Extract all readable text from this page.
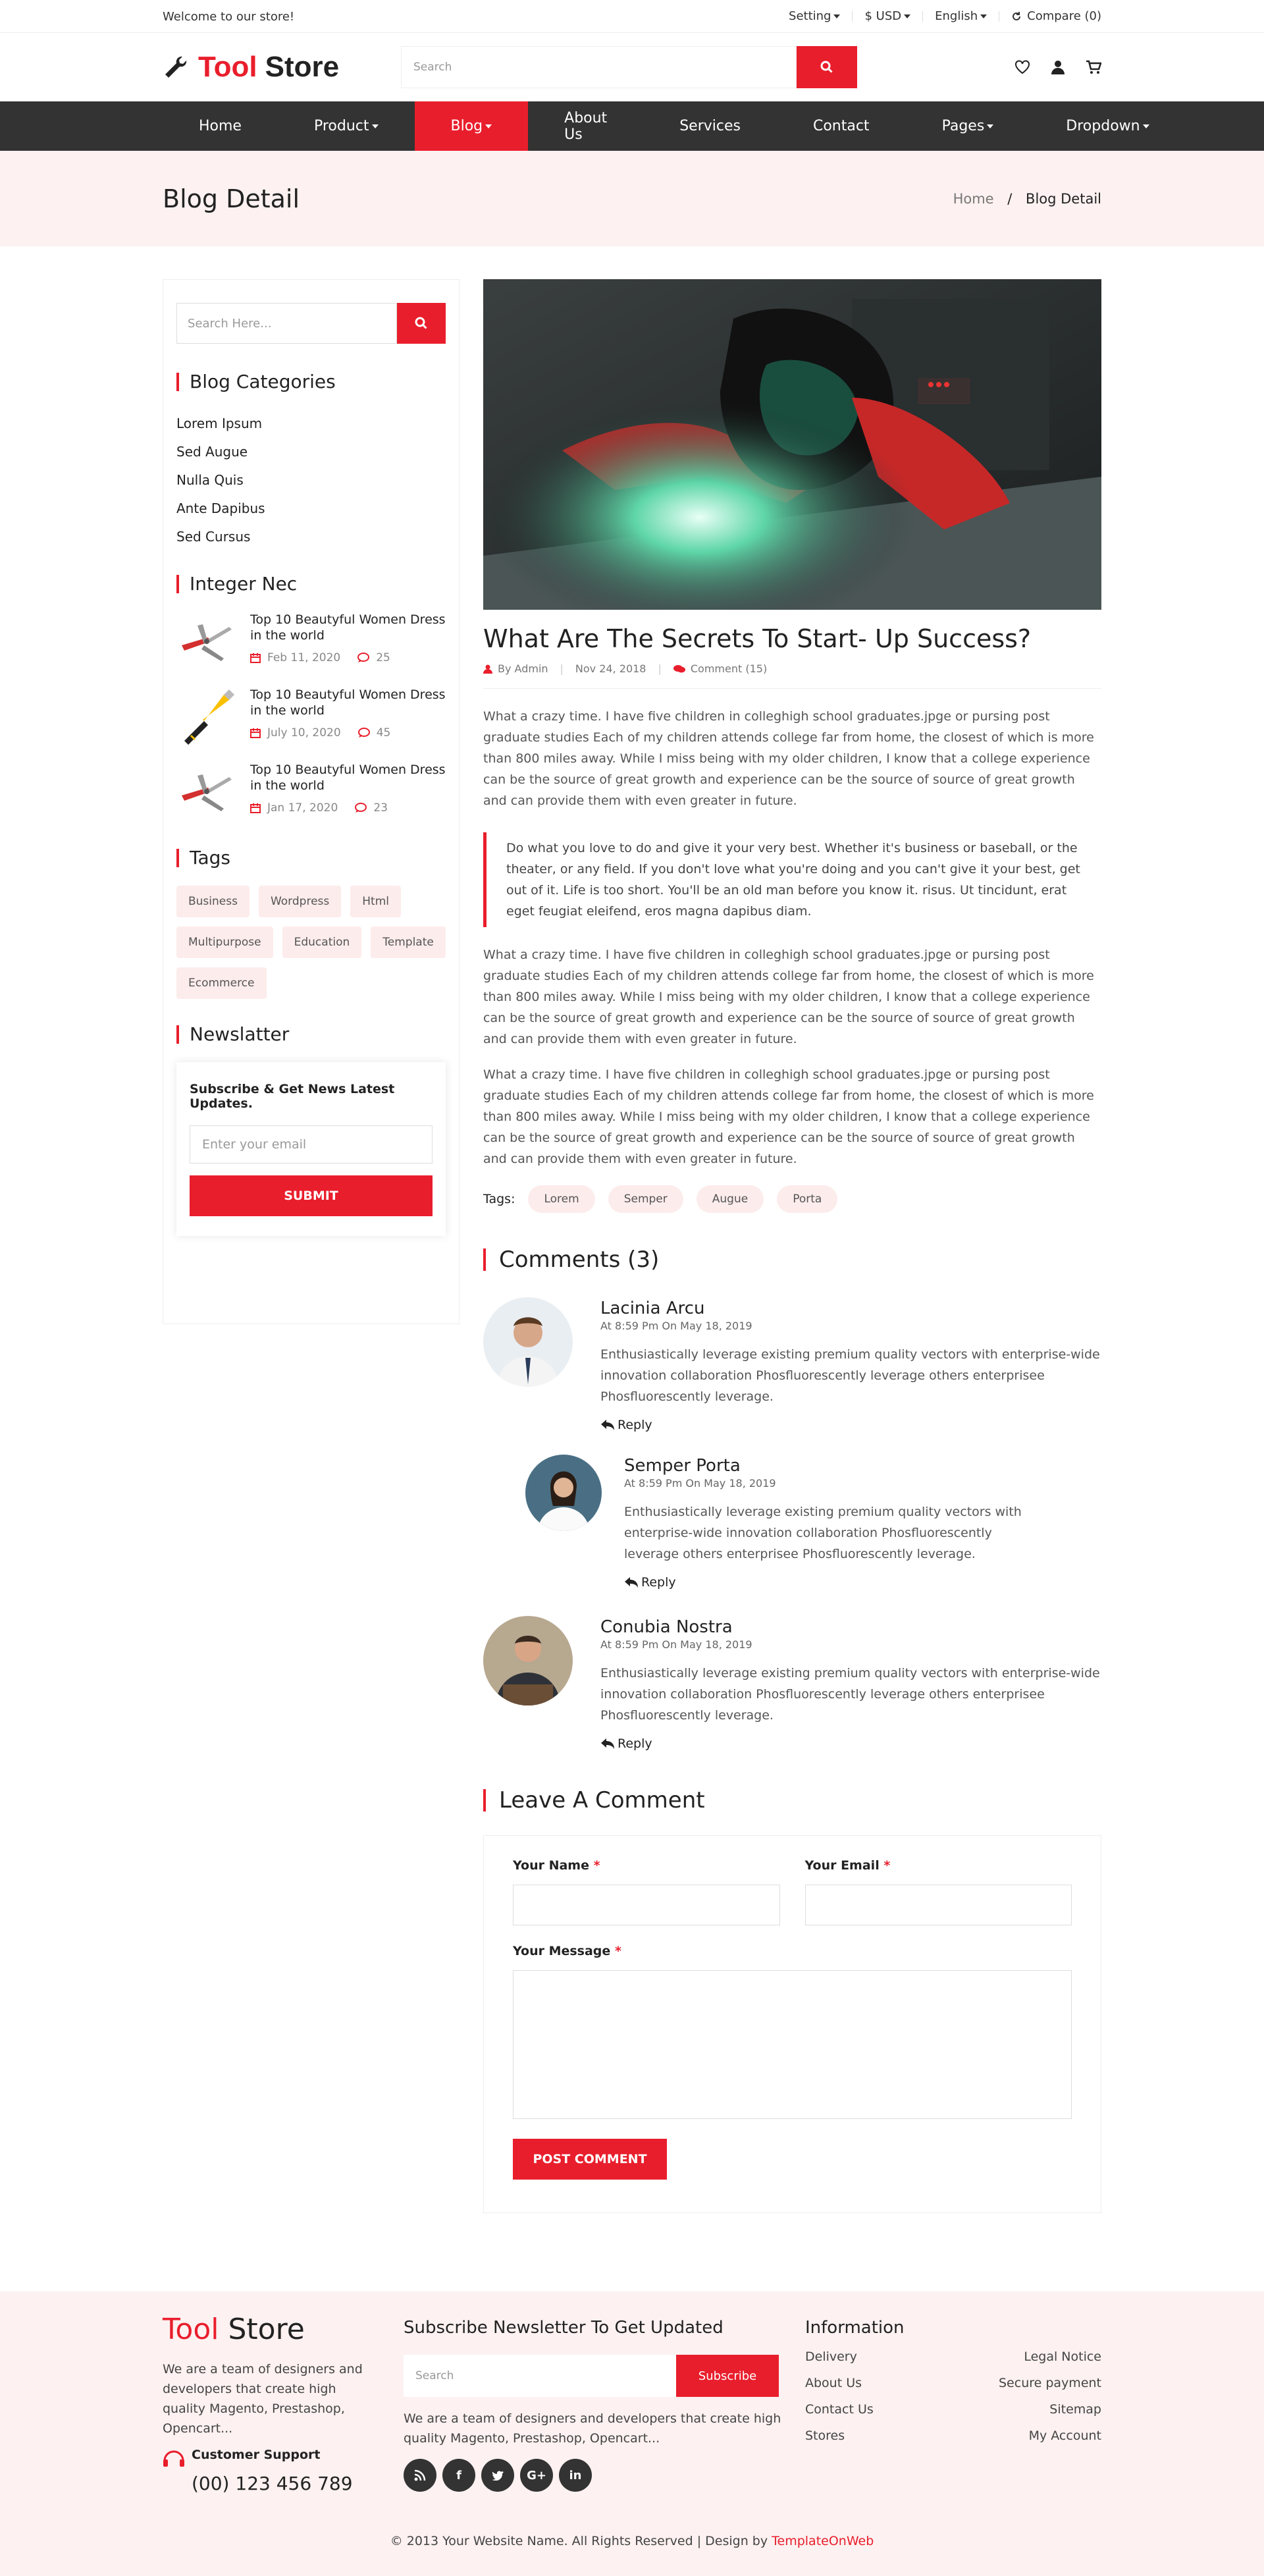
Welcome to our store!	Setting	$ USD	English	Compare (0)
Tool Store	Search
Home	Product	Blog	About Us	Services	Contact	Pages	Dropdown
Blog Detail	Home / Blog Detail
Search Here...
Blog Categories
Lorem Ipsum
Sed Augue
Nulla Quis
Ante Dapibus
Sed Cursus
Integer Nec
Top 10 Beautyful Women Dress in the world
Feb 11, 2020	25
Top 10 Beautyful Women Dress in the world
July 10, 2020	45
Top 10 Beautyful Women Dress in the world
Jan 17, 2020	23
Tags
Business	Wordpress	Html
Multipurpose	Education	Template
Ecommerce
Newslatter
Subscribe & Get News Latest Updates.
Enter your email
SUBMIT
What Are The Secrets To Start- Up Success?
By Admin | Nov 24, 2018 |	Comment (15)

What a crazy time. I have five children in colleghigh school graduates.jpge or pursing post graduate studies Each of my children attends college far from home, the closest of which is more than 800 miles away. While I miss being with my older children, I know that a college experience can be the source of great growth and experience can be the source of source of great growth and can provide them with even greater in future.

Do what you love to do and give it your very best. Whether it's business or baseball, or the theater, or any field. If you don't love what you're doing and you can't give it your best, get out of it. Life is too short. You'll be an old man before you know it. risus. Ut tincidunt, erat eget feugiat eleifend, eros magna dapibus diam.

What a crazy time. I have five children in colleghigh school graduates.jpge or pursing post graduate studies Each of my children attends college far from home, the closest of which is more than 800 miles away. While I miss being with my older children, I know that a college experience can be the source of great growth and experience can be the source of source of great growth and can provide them with even greater in future.

What a crazy time. I have five children in colleghigh school graduates.jpge or pursing post graduate studies Each of my children attends college far from home, the closest of which is more than 800 miles away. While I miss being with my older children, I know that a college experience can be the source of great growth and experience can be the source of source of great growth and can provide them with even greater in future.

Tags:	Lorem	Semper	Augue	Porta
Comments (3)
Lacinia Arcu
At 8:59 Pm On May 18, 2019
Enthusiastically leverage existing premium quality vectors with enterprise-wide innovation collaboration Phosfluorescently leverage others enterprisee Phosfluorescently leverage.
Reply
Semper Porta
At 8:59 Pm On May 18, 2019
Enthusiastically leverage existing premium quality vectors with enterprise-wide innovation collaboration Phosfluorescently leverage others enterprisee Phosfluorescently leverage.
Reply
Conubia Nostra
At 8:59 Pm On May 18, 2019
Enthusiastically leverage existing premium quality vectors with enterprise-wide innovation collaboration Phosfluorescently leverage others enterprisee Phosfluorescently leverage.
Reply
Leave A Comment
Your Name *	Your Email *
Your Message *
POST COMMENT
Tool Store

We are a team of designers and developers that create high quality Magento, Prestashop, Opencart...

Customer Support
(00) 123 456 789
Subscribe Newsletter To Get Updated
Search	Subscribe

We are a team of designers and developers that create high quality Magento, Prestashop, Opencart...

f	G+	in
Information
Delivery	Legal Notice
About Us	Secure payment
Contact Us	Sitemap
Stores	My Account
© 2013 Your Website Name. All Rights Reserved | Design by TemplateOnWeb
